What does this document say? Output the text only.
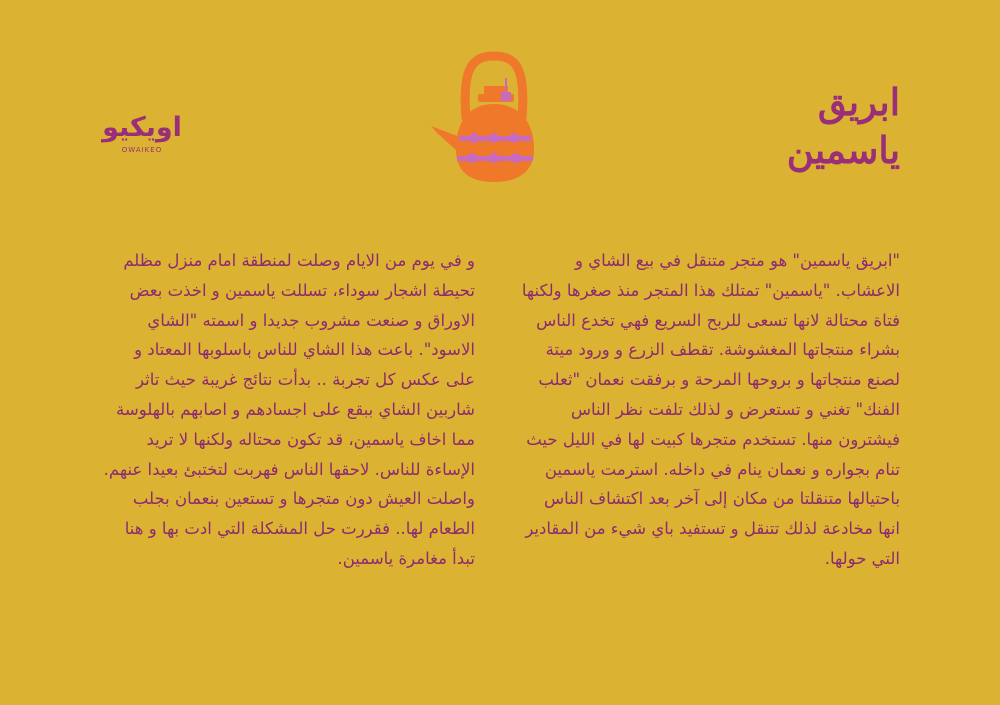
اويكيو
OWAIKEO
ابريق
ياسمين

"ابريق ياسمين" هو متجر متنقل في بيع الشاي و الاعشاب. "ياسمين" تمتلك هذا المتجر منذ صغرها ولكنها فتاة محتالة لانها تسعى للربح السريع فهي تخدع الناس بشراء منتجاتها المغشوشة. تقطف الزرع و ورود ميتة لصنع منتجاتها و بروحها المرحة و برفقت نعمان "ثعلب الفنك" تغني و تستعرض و لذلك تلفت نظر الناس فيشترون منها. تستخدم متجرها كبيت لها في الليل حيث تنام بجواره و نعمان ينام في داخله. استرمت ياسمين باحتيالها متنقلتا من مكان إلى آخر بعد اكتشاف الناس انها مخادعة لذلك تتنقل و تستفيد باي شيء من المقادير التي حولها.

و في يوم من الايام وصلت لمنطقة امام منزل مظلم تحيطة اشجار سوداء، تسللت ياسمين و اخذت بعض الاوراق و صنعت مشروب جديدا و اسمته "الشاي الاسود". باعت هذا الشاي للناس باسلوبها المعتاد و على عكس كل تجربة .. بدأت نتائج غريبة حيث تاثر شاربين الشاي ببقع على اجسادهم و اصابهم بالهلوسة مما اخاف ياسمين، قد تكون محتاله ولكنها لا تريد الإساءة للناس. لاحقها الناس فهربت لتختبئ بعيدا عنهم. واصلت العيش دون متجرها و تستعين بنعمان بجلب الطعام لها.. فقررت حل المشكلة التي ادت بها و هنا تبدأ مغامرة ياسمين.
